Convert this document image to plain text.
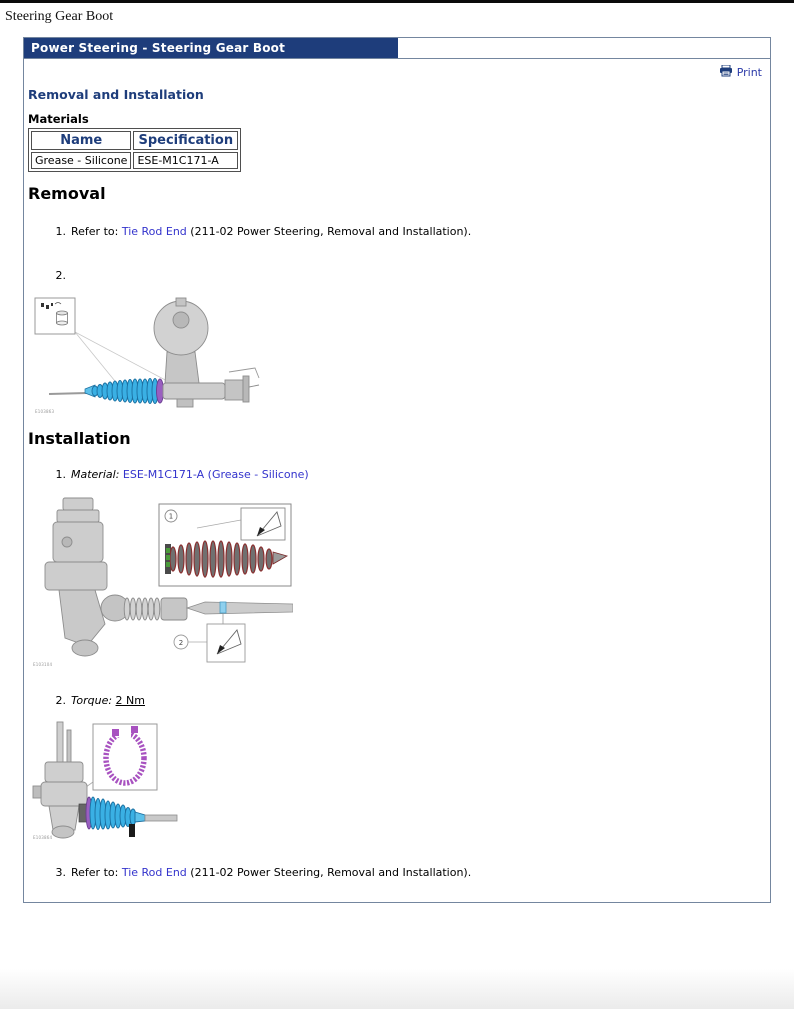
Steering Gear Boot
Power Steering - Steering Gear Boot
Print
Removal and Installation
Materials
Name	Specification
Grease - Silicone	ESE-M1C171-A
Removal
1. Refer to: Tie Rod End (211-02 Power Steering, Removal and Installation).
2.
E103863
Installation
1. Material: ESE-M1C171-A (Grease - Silicone)
1
2
E103104
2. Torque: 2 Nm
E103864
3. Refer to: Tie Rod End (211-02 Power Steering, Removal and Installation).
